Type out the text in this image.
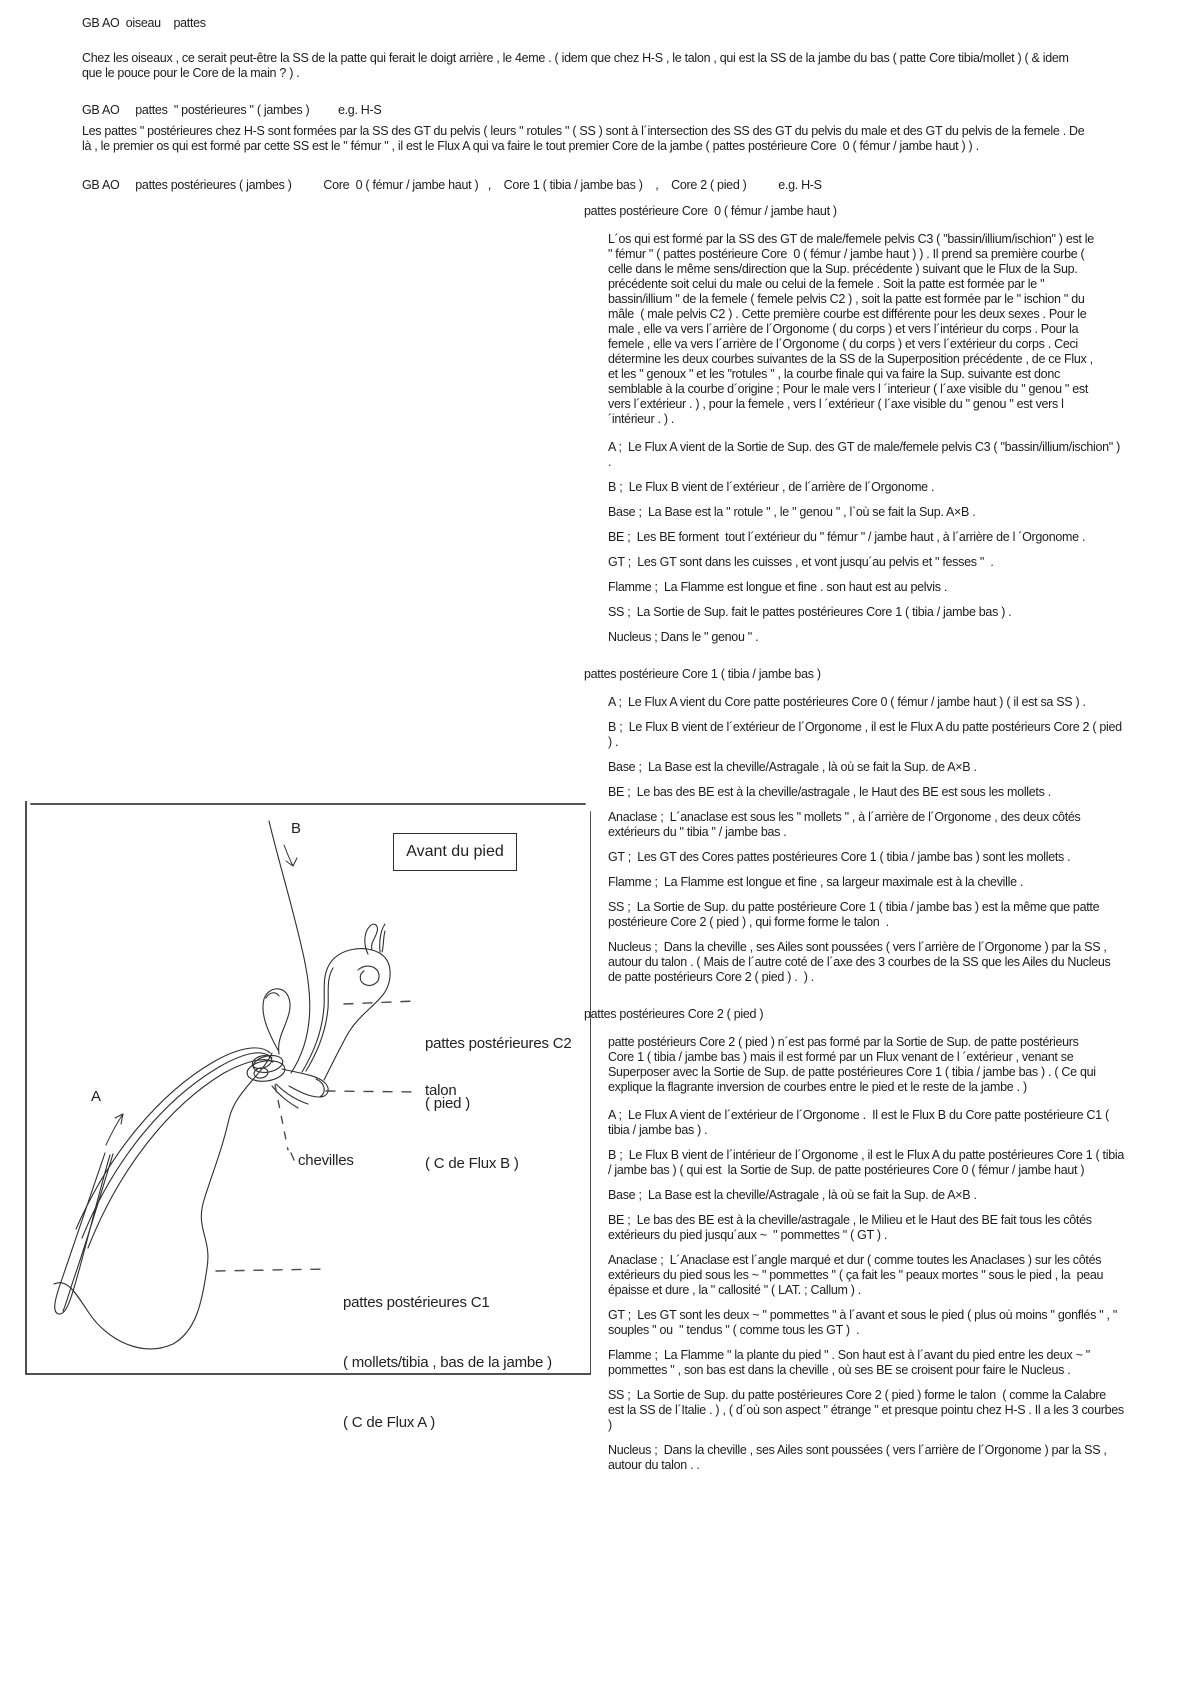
GB AO  oiseau    pattes

Chez les oiseaux , ce serait peut-être la SS de la patte qui ferait le doigt arrière , le 4eme . ( idem que chez H-S , le talon , qui est la SS de la jambe du bas ( patte Core tibia/mollet ) ( & idem que le pouce pour le Core de la main ? ) .

GB AO     pattes  " postérieures " ( jambes )         e.g. H-S

Les pattes " postérieures chez H-S sont formées par la SS des GT du pelvis ( leurs " rotules " ( SS ) sont à l´intersection des SS des GT du pelvis du male et des GT du pelvis de la femele . De là , le premier os qui est formé par cette SS est le " fémur " , il est le Flux A qui va faire le tout premier Core de la jambe ( pattes postérieure Core  0 ( fémur / jambe haut ) ) .

GB AO     pattes postérieures ( jambes )          Core  0 ( fémur / jambe haut )   ,    Core 1 ( tibia / jambe bas )    ,    Core 2 ( pied )          e.g. H-S

pattes postérieure Core  0 ( fémur / jambe haut )

L´os qui est formé par la SS des GT de male/femele pelvis C3 ( "bassin/illium/ischion" ) est le " fémur " ( pattes postérieure Core  0 ( fémur / jambe haut ) ) . Il prend sa première courbe ( celle dans le même sens/direction que la Sup. précédente ) suivant que le Flux de la Sup. précédente soit celui du male ou celui de la femele . Soit la patte est formée par le " bassin/illium " de la femele ( femele pelvis C2 ) , soit la patte est formée par le " ischion " du mâle  ( male pelvis C2 ) . Cette première courbe est différente pour les deux sexes . Pour le male , elle va vers l´arrière de l´Orgonome ( du corps ) et vers l´intérieur du corps . Pour la femele , elle va vers l´arrière de l´Orgonome ( du corps ) et vers l´extérieur du corps . Ceci détermine les deux courbes suivantes de la SS de la Superposition précédente , de ce Flux , et les " genoux " et les "rotules " , la courbe finale qui va faire la Sup. suivante est donc semblable à la courbe d´origine ; Pour le male vers l ´interieur ( l´axe visible du " genou " est vers l´extérieur . ) , pour la femele , vers l ´extérieur ( l´axe visible du " genou " est vers l´intérieur . ) .

A ;  Le Flux A vient de la Sortie de Sup. des GT de male/femele pelvis C3 ( "bassin/illium/ischion" ) .

B ;  Le Flux B vient de l´extérieur , de l´arrière de l´Orgonome .

Base ;  La Base est la " rotule " , le " genou " , l`où se fait la Sup. A×B .

BE ;  Les BE forment  tout l´extérieur du " fémur " / jambe haut , à l´arrière de l ´Orgonome .

GT ;  Les GT sont dans les cuisses , et vont jusqu´au pelvis et " fesses "  .

Flamme ;  La Flamme est longue et fine . son haut est au pelvis .

SS ;  La Sortie de Sup. fait le pattes postérieures Core 1 ( tibia / jambe bas ) .

Nucleus ; Dans le " genou " .

pattes postérieure Core 1 ( tibia / jambe bas )

A ;  Le Flux A vient du Core patte postérieures Core 0 ( fémur / jambe haut ) ( il est sa SS ) .

B ;  Le Flux B vient de l´extérieur de l´Orgonome , il est le Flux A du patte postérieurs Core 2 ( pied ) .

Base ;  La Base est la cheville/Astragale , là où se fait la Sup. de A×B .

BE ;  Le bas des BE est à la cheville/astragale , le Haut des BE est sous les mollets .

Anaclase ;  L´anaclase est sous les " mollets " , à l´arrière de l´Orgonome , des deux côtés extérieurs du " tibia " / jambe bas .

GT ;  Les GT des Cores pattes postérieures Core 1 ( tibia / jambe bas ) sont les mollets .

Flamme ;  La Flamme est longue et fine , sa largeur maximale est à la cheville .

SS ;  La Sortie de Sup. du patte postérieure Core 1 ( tibia / jambe bas ) est la même que patte postérieure Core 2 ( pied ) , qui forme forme le talon  .

Nucleus ;  Dans la cheville , ses Ailes sont poussées ( vers l´arrière de l´Orgonome ) par la SS , autour du talon . ( Mais de l´autre coté de l´axe des 3 courbes de la SS que les Ailes du Nucleus de patte postérieurs Core 2 ( pied ) .  ) .

pattes postérieures Core 2 ( pied )

patte postérieurs Core 2 ( pied ) n´est pas formé par la Sortie de Sup. de patte postérieurs Core 1 ( tibia / jambe bas ) mais il est formé par un Flux venant de l ´extérieur , venant se Superposer avec la Sortie de Sup. de patte postérieures Core 1 ( tibia / jambe bas ) . ( Ce qui explique la flagrante inversion de courbes entre le pied et le reste de la jambe . )

A ;  Le Flux A vient de l´extérieur de l´Orgonome .  Il est le Flux B du Core patte postérieure C1 ( tibia / jambe bas ) .

B ;  Le Flux B vient de l´intérieur de l´Orgonome , il est le Flux A du patte postérieures Core 1 ( tibia / jambe bas ) ( qui est  la Sortie de Sup. de patte postérieures Core 0 ( fémur / jambe haut )

Base ;  La Base est la cheville/Astragale , là où se fait la Sup. de A×B .

BE ;  Le bas des BE est à la cheville/astragale , le Milieu et le Haut des BE fait tous les côtés extérieurs du pied jusqu´aux ~  " pommettes " ( GT ) .

Anaclase ;  L´Anaclase est l´angle marqué et dur ( comme toutes les Anaclases ) sur les côtés extérieurs du pied sous les ~ " pommettes " ( ça fait les " peaux mortes " sous le pied , la  peau épaisse et dure , la " callosité " ( LAT. ; Callum ) .

GT ;  Les GT sont les deux ~ " pommettes " à l´avant et sous le pied ( plus où moins " gonflés " , " souples " ou  " tendus " ( comme tous les GT )  .

Flamme ;  La Flamme " la plante du pied " . Son haut est à l´avant du pied entre les deux ~ " pommettes " , son bas est dans la cheville , où ses BE se croisent pour faire le Nucleus .

SS ;  La Sortie de Sup. du patte postérieures Core 2 ( pied ) forme le talon  ( comme la Calabre est la SS de l´Italie . ) , ( d´où son aspect " étrange " et presque pointu chez H-S . Il a les 3 courbes )

Nucleus ;  Dans la cheville , ses Ailes sont poussées ( vers l´arrière de l´Orgonome ) par la SS , autour du talon . .

Avant du pied
B
A

pattes postérieures C2

( pied )

( C de Flux B )

talon
chevilles

pattes postérieures C1

( mollets/tibia , bas de la jambe )

( C de Flux A )
